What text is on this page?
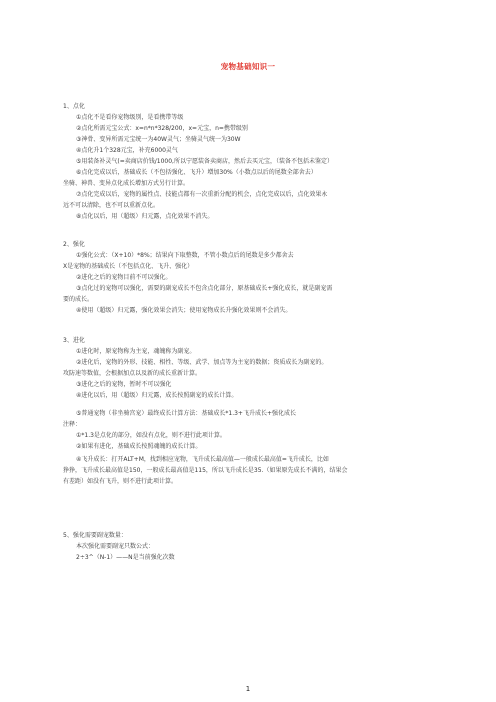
宠物基础知识一
1、点化
①点化不是看你宠物级别，是看携带等级
②点化所需元宝公式：x=n*n*328/200，x=元宝，n=携带级别
③神骨、变异所需元宝统一为40W灵气；坐骑灵气统一为30W
④点化升1个328元宝，补充6000灵气
⑤用装备补灵气(=卖商店价钱/1000,所以宁愿装备卖商店，然后去买元宝，（装备不包括未鉴定）
⑥点化完成以后，基础成长（不包括强化、飞升）增加30%（小数点以后的尾数全部舍去）
坐骑、神兽、变异点化成长增加方式另行计算。
⑦点化完成以后，宠物的属性点、技能点都有一次重新分配的机会，点化完成以后，点化效果永
远不可以清除，也不可以重新点化。
⑧点化以后，用（超级）归元露，点化效果不消失。
2、强化
①强化公式：（X+10）*8%；结果向下取整数，不管小数点后的尾数是多少都舍去
X是宠物的基础成长（不包括点化、飞升、强化）
②进化之后的宠物目前不可以强化。
③点化过的宠物可以强化，需要的副宠成长不包含点化部分，原基础成长+强化成长，就是副宠需
要的成长。
④使用（超级）归元露，强化效果会消失；使用宠物成长升强化效果则不会消失。
3、进化
①进化时，原宠物称为主宠，魂魄称为副宠。
②进化后，宠物的外形、技能、相性、等级、武学、加点等为主宠的数据；资质成长为副宠的。
攻防速等数值，会根据加点以及新的成长重新计算。
③进化之后的宠物，暂时不可以强化
④进化以后，用（超级）归元露，成长按照副宠的成长计算。
⑤普通宠物（非坐骑宫宠）最终成长计算方法：基础成长*1.3+飞升成长+强化成长
注释：
①*1.3是点化的部分，如没有点化，则不进行此项计算。
②如果有进化，基础成长按照魂魄的成长计算。
④飞升成长：打开ALT+M，找到相应宠物，飞升成长最高值—一般成长最高值=飞升成长，比如
狰狰，飞升成长最高值是150，一般成长最高值是115，所以飞升成长是35.（如果原先成长不满的，结果会
有差距）如没有飞升，则不进行此项计算。
5、强化需要副宠数量：
本次强化需要副宠只数公式：
2÷3^（N-1）——N是当前强化次数
1
